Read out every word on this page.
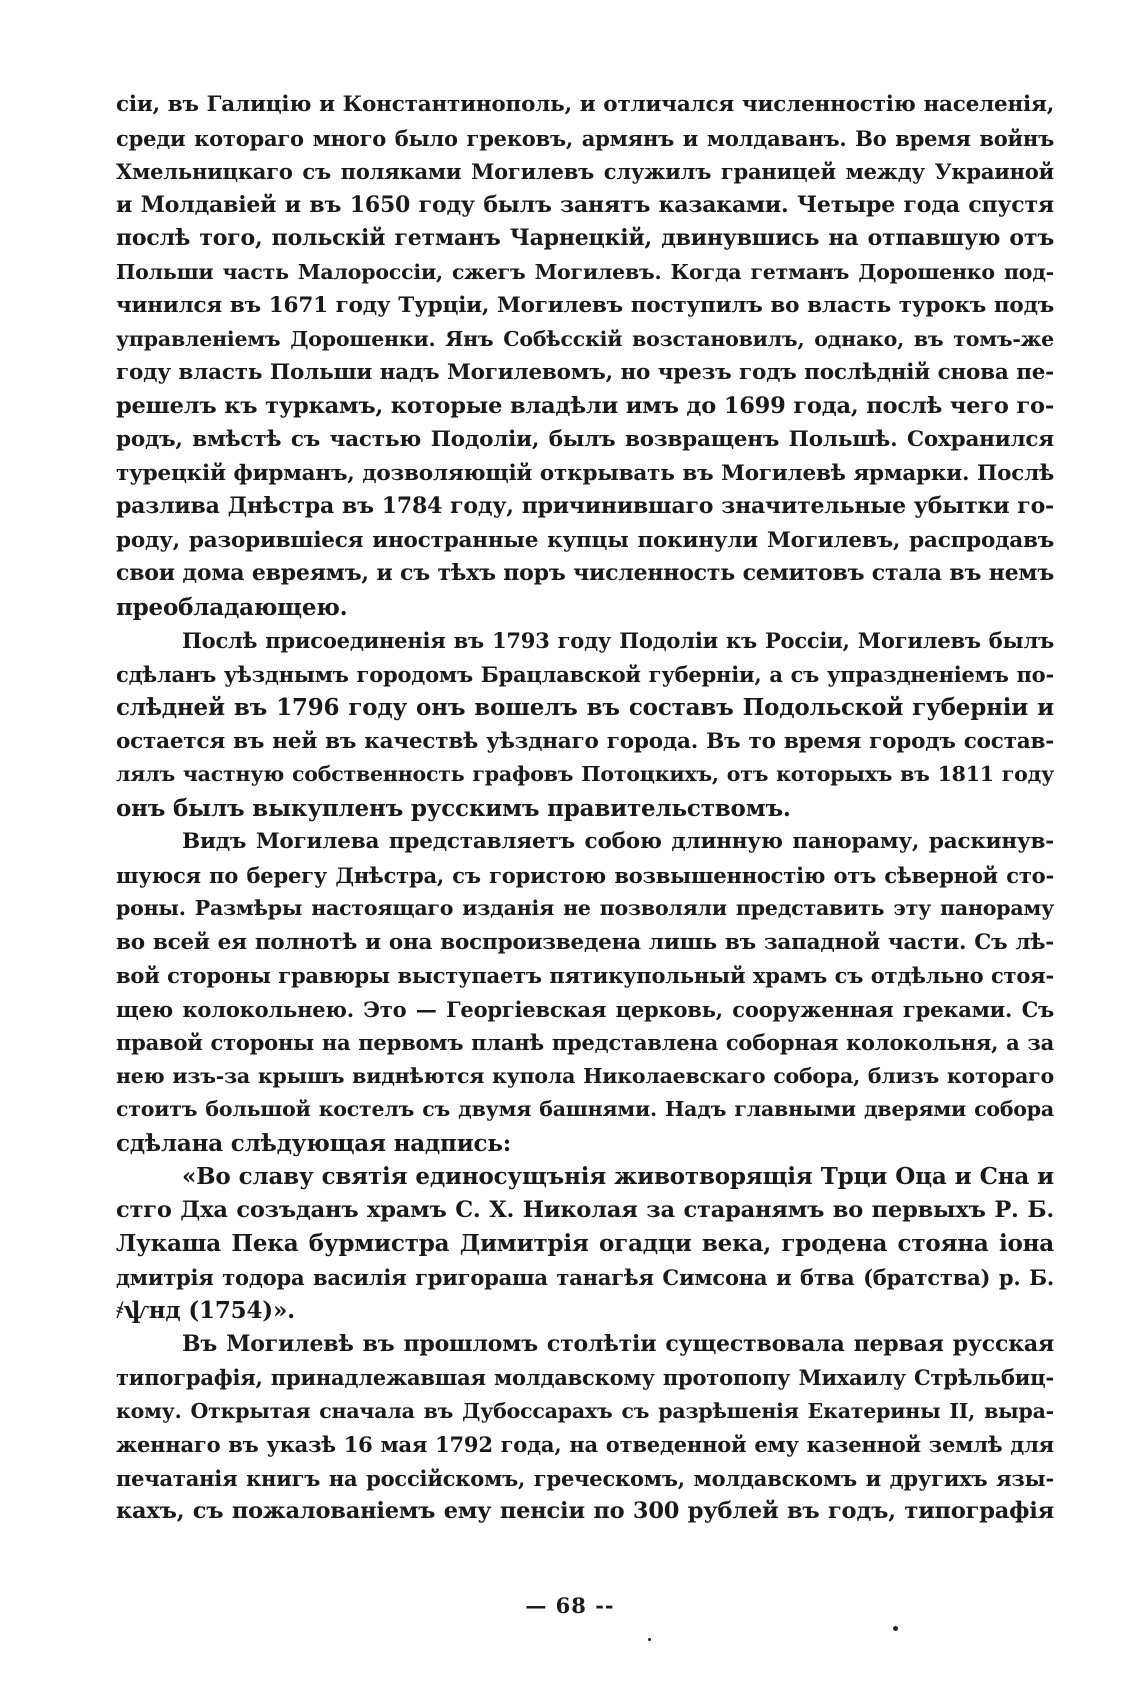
сіи, въ Галицію и Константинополь, и отличался численностію населенія,
среди котораго много было грековъ, армянъ и молдаванъ. Во время войнъ
Хмельницкаго съ поляками Могилевъ служилъ границей между Украиной
и Молдавіей и въ 1650 году былъ занятъ казаками. Четыре года спустя
послѣ того, польскій гетманъ Чарнецкій, двинувшись на отпавшую отъ
Польши часть Малороссіи, сжегъ Могилевъ. Когда гетманъ Дорошенко под-
чинился въ 1671 году Турціи, Могилевъ поступилъ во власть турокъ подъ
управленіемъ Дорошенки. Янъ Собѣсскій возстановилъ, однако, въ томъ-же
году власть Польши надъ Могилевомъ, но чрезъ годъ послѣдній снова пе-
решелъ къ туркамъ, которые владѣли имъ до 1699 года, послѣ чего го-
родъ, вмѣстѣ съ частью Подоліи, былъ возвращенъ Польшѣ. Сохранился
турецкій фирманъ, дозволяющій открывать въ Могилевѣ ярмарки. Послѣ
разлива Днѣстра въ 1784 году, причинившаго значительные убытки го-
роду, разорившіеся иностранные купцы покинули Могилевъ, распродавъ
свои дома евреямъ, и съ тѣхъ поръ численность семитовъ стала въ немъ
преобладающею.
Послѣ присоединенія въ 1793 году Подоліи къ Россіи, Могилевъ былъ
сдѣланъ уѣзднымъ городомъ Брацлавской губерніи, а съ упраздненіемъ по-
слѣдней въ 1796 году онъ вошелъ въ составъ Подольской губерніи и
остается въ ней въ качествѣ уѣзднаго города. Въ то время городъ состав-
лялъ частную собственность графовъ Потоцкихъ, отъ которыхъ въ 1811 году
онъ былъ выкупленъ русскимъ правительствомъ.
Видъ Могилева представляетъ собою длинную панораму, раскинув-
шуюся по берегу Днѣстра, съ гористою возвышенностію отъ сѣверной сто-
роны. Размѣры настоящаго изданія не позволяли представить эту панораму
во всей ея полнотѣ и она воспроизведена лишь въ западной части. Съ лѣ-
вой стороны гравюры выступаетъ пятикупольный храмъ съ отдѣльно стоя-
щею колокольнею. Это — Георгіевская церковь, сооруженная греками. Съ
правой стороны на первомъ планѣ представлена соборная колокольня, а за
нею изъ-за крышъ виднѣются купола Николаевскаго собора, близъ котораго
стоитъ большой костелъ съ двумя башнями. Надъ главными дверями собора
сдѣлана слѣдующая надпись:
«Во славу святія единосущънія животворящія Трци Оца и Сна и
стго Дха созъданъ храмъ С. Х. Николая за старанямъ во первыхъ Р. Б.
Лукаша Пека бурмистра Димитрія огадци века, гродена стояна іона
дмитрія тодора василія григораша танагѣя Симсона и бтва (братства) р. Б.
҂ѱнд (1754)».
Въ Могилевѣ въ прошломъ столѣтіи существовала первая русская
типографія, принадлежавшая молдавскому протопопу Михаилу Стрѣльбиц-
кому. Открытая сначала въ Дубоссарахъ съ разрѣшенія Екатерины II, выра-
женнаго въ указѣ 16 мая 1792 года, на отведенной ему казенной землѣ для
печатанія книгъ на россійскомъ, греческомъ, молдавскомъ и другихъ язы-
кахъ, съ пожалованіемъ ему пенсіи по 300 рублей въ годъ, типографія
— 68 --
